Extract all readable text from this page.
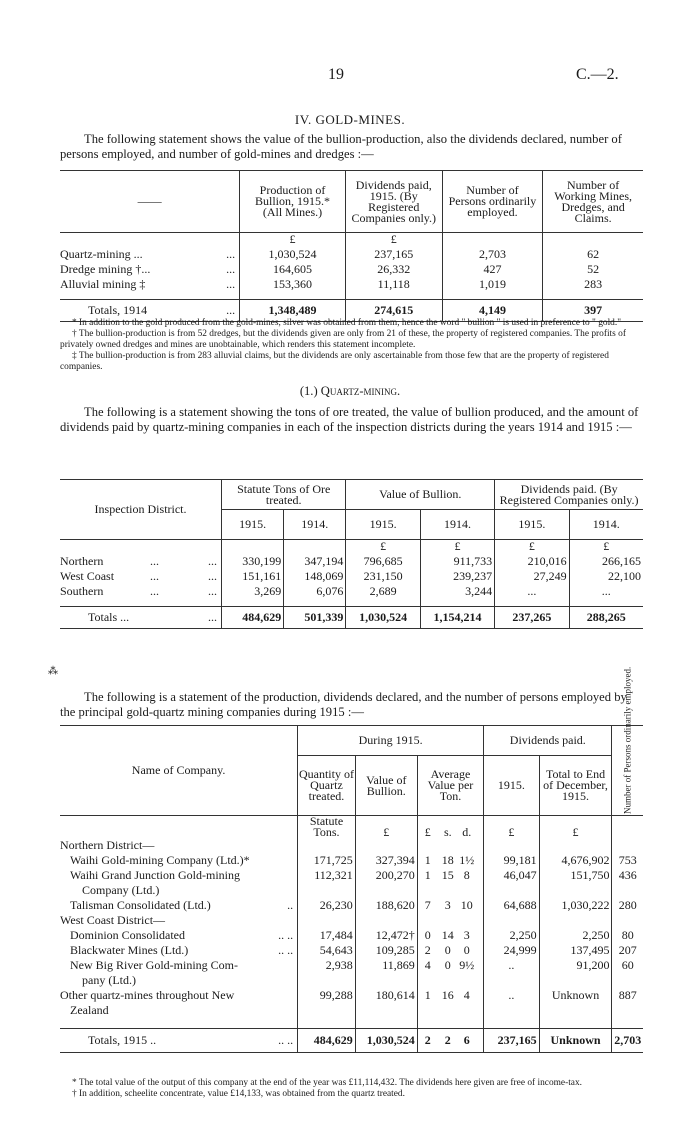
19	C.—2.
IV. GOLD-MINES.
The following statement shows the value of the bullion-production, also the dividends declared, number of persons employed, and number of gold-mines and dredges :—
——	Production of Bullion, 1915.* (All Mines.)	Dividends paid, 1915. (By Registered Companies only.)	Number of Persons ordinarily employed.	Number of Working Mines, Dredges, and Claims.
	£	£		
Quartz-mining ... ...	1,030,524	237,165	2,703	62
Dredge mining †... ...	164,605	26,332	427	52
Alluvial mining ‡ ...	153,360	11,118	1,019	283

Totals, 1914 ...	1,348,489	274,615	4,149	397
* In addition to the gold produced from the gold-mines, silver was obtained from them, hence the word " bullion " is used in preference to " gold."
† The bullion-production is from 52 dredges, but the dividends given are only from 21 of these, the property of registered companies. The profits of privately owned dredges and mines are unobtainable, which renders this statement incomplete.
‡ The bullion-production is from 283 alluvial claims, but the dividends are only ascertainable from those few that are the property of registered companies.
(1.) Quartz-mining.
The following is a statement showing the tons of ore treated, the value of bullion produced, and the amount of dividends paid by quartz-mining companies in each of the inspection districts during the years 1914 and 1915 :—
Inspection District.	Statute Tons of Ore treated.		Value of Bullion.		Dividends paid. (By Registered Companies only.)	
	1915.	1914.	1915.	1914.	1915.	1914.
			£	£	£	£
Northern ... ...	330,199	347,194	796,685	911,733	210,016	266,165
West Coast ... ...	151,161	148,069	231,150	239,237	27,249	22,100
Southern ... ...	3,269	6,076	2,689	3,244	...	...

Totals ... ...	484,629	501,339	1,030,524	1,154,214	237,265	288,265
⁂
The following is a statement of the production, dividends declared, and the number of persons employed by the principal gold-quartz mining companies during 1915 :—
Name of Company.	During 1915.			Dividends paid.		Number of Persons ordinarily employed.

	Quantity of Quartz treated.	Value of Bullion.	Average Value per Ton.	1915.	Total to End of December, 1915.	
	Statute Tons.	£	£ s. d.	£	£	
Northern District—						
Waihi Gold-mining Company (Ltd.)*	171,725	327,394	1 18 1½	99,181	4,676,902	753
Waihi Grand Junction Gold-mining	112,321	200,270	1 15 8	46,047	151,750	436
Company (Ltd.)						
Talisman Consolidated (Ltd.) ..	26,230	188,620	7 3 10	64,688	1,030,222	280
West Coast District—						
Dominion Consolidated .. ..	17,484	12,472†	0 14 3	2,250	2,250	80
Blackwater Mines (Ltd.) .. ..	54,643	109,285	2 0 0	24,999	137,495	207
New Big River Gold-mining Com-	2,938	11,869	4 0 9½	..	91,200	60
pany (Ltd.)						
Other quartz-mines throughout New	99,288	180,614	1 16 4	..	Unknown	887
Zealand						

Totals, 1915 .. .. ..	484,629	1,030,524	2 2 6	237,165	Unknown	2,703
* The total value of the output of this company at the end of the year was £11,114,432. The dividends here given are free of income-tax.
† In addition, scheelite concentrate, value £14,133, was obtained from the quartz treated.
